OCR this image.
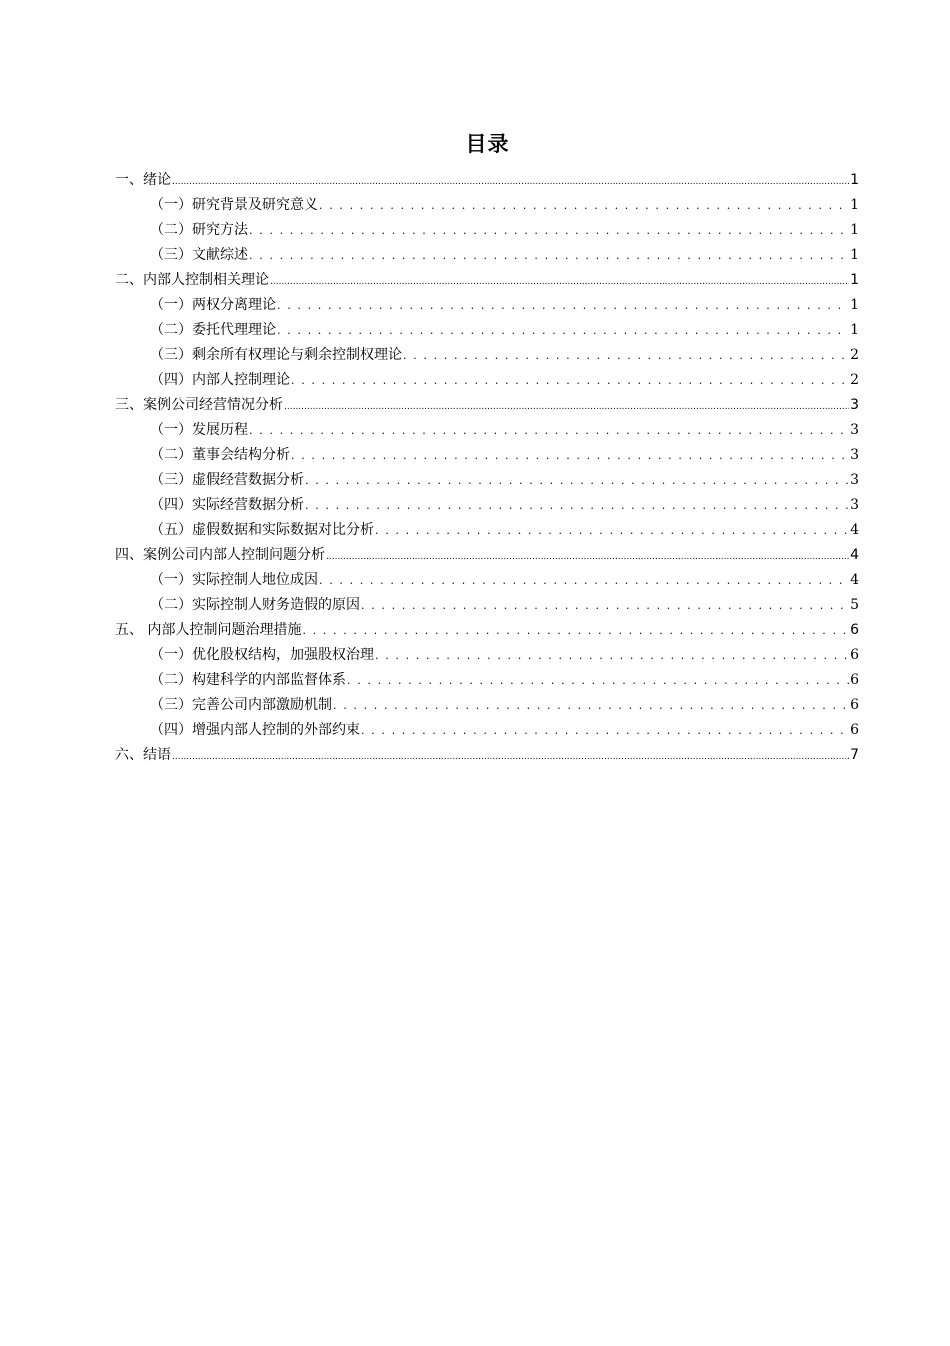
目录
一、绪论 .....	1
（一）研究背景及研究意义 . . .	1
（二）研究方法 . . .	1
（三）文献综述 . . .	1
二、内部人控制相关理论 .....	1
（一）两权分离理论 . . .	1
（二）委托代理理论 . . .	1
（三）剩余所有权理论与剩余控制权理论 . . .	2
（四）内部人控制理论 . . .	2
三、案例公司经营情况分析 .....	3
（一）发展历程 . . .	3
（二）董事会结构分析 . . .	3
（三）虚假经营数据分析 . . .	3
（四）实际经营数据分析 . . .	3
（五）虚假数据和实际数据对比分析 . . .	4
四、案例公司内部人控制问题分析 .....	4
（一）实际控制人地位成因 . . .	4
（二）实际控制人财务造假的原因 . . .	5
五、 内部人控制问题治理措施 . . .	6
（一）优化股权结构，加强股权治理 . . .	6
（二）构建科学的内部监督体系 . . .	6
（三）完善公司内部激励机制 . . .	6
（四）增强内部人控制的外部约束 . . .	6
六、结语 .....	7
